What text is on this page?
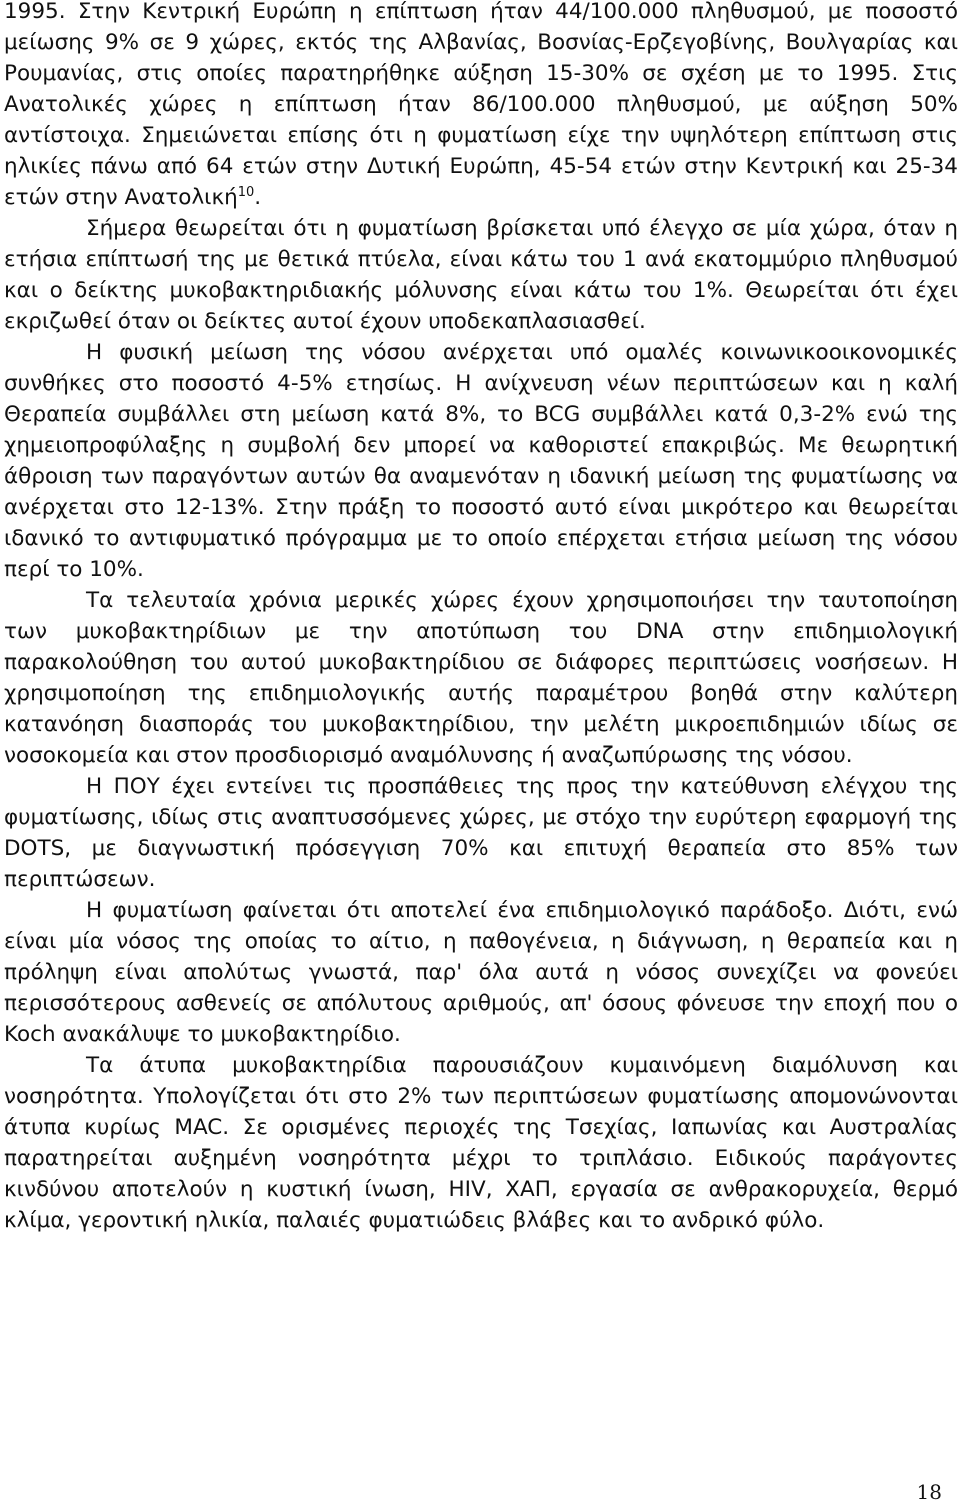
1995. Στην Κεντρική Ευρώπη η επίπτωση ήταν 44/100.000 πληθυσμού, με ποσοστό μείωσης 9% σε 9 χώρες, εκτός της Αλβανίας, Βοσνίας-Ερζεγοβίνης, Βουλγαρίας και Ρουμανίας, στις οποίες παρατηρήθηκε αύξηση 15-30% σε σχέση με το 1995. Στις Ανατολικές χώρες η επίπτωση ήταν 86/100.000 πληθυσμού, με αύξηση 50% αντίστοιχα. Σημειώνεται επίσης ότι η φυματίωση είχε την υψηλότερη επίπτωση στις ηλικίες πάνω από 64 ετών στην Δυτική Ευρώπη, 45-54 ετών στην Κεντρική και 25-34 ετών στην Ανατολική$^{10}$.

Σήμερα θεωρείται ότι η φυματίωση βρίσκεται υπό έλεγχο σε μία χώρα, όταν η ετήσια επίπτωσή της με θετικά πτύελα, είναι κάτω του 1 ανά εκατομμύριο πληθυσμού και ο δείκτης μυκοβακτηριδιακής μόλυνσης είναι κάτω του 1%. Θεωρείται ότι έχει εκριζωθεί όταν οι δείκτες αυτοί έχουν υποδεκαπλασιασθεί.

Η φυσική μείωση της νόσου ανέρχεται υπό ομαλές κοινωνικοοικονομικές συνθήκες στο ποσοστό 4-5% ετησίως. Η ανίχνευση νέων περιπτώσεων και η καλή Θεραπεία συμβάλλει στη μείωση κατά 8%, το BCG συμβάλλει κατά 0,3-2% ενώ της χημειοπροφύλαξης η συμβολή δεν μπορεί να καθοριστεί επακριβώς. Με θεωρητική άθροιση των παραγόντων αυτών θα αναμενόταν η ιδανική μείωση της φυματίωσης να ανέρχεται στο 12-13%. Στην πράξη το ποσοστό αυτό είναι μικρότερο και θεωρείται ιδανικό το αντιφυματικό πρόγραμμα με το οποίο επέρχεται ετήσια μείωση της νόσου περί το 10%.

Τα τελευταία χρόνια μερικές χώρες έχουν χρησιμοποιήσει την ταυτοποίηση των μυκοβακτηρίδιων με την αποτύπωση του DNA στην επιδημιολογική παρακολούθηση του αυτού μυκοβακτηρίδιου σε διάφορες περιπτώσεις νοσήσεων. Η χρησιμοποίηση της επιδημιολογικής αυτής παραμέτρου βοηθά στην καλύτερη κατανόηση διασποράς του μυκοβακτηρίδιου, την μελέτη μικροεπιδημιών ιδίως σε νοσοκομεία και στον προσδιορισμό αναμόλυνσης ή αναζωπύρωσης της νόσου.

Η ΠΟΥ έχει εντείνει τις προσπάθειες της προς την κατεύθυνση ελέγχου της φυματίωσης, ιδίως στις αναπτυσσόμενες χώρες, με στόχο την ευρύτερη εφαρμογή της DOTS, με διαγνωστική πρόσεγγιση 70% και επιτυχή θεραπεία στο 85% των περιπτώσεων.

Η φυματίωση φαίνεται ότι αποτελεί ένα επιδημιολογικό παράδοξο. Διότι, ενώ είναι μία νόσος της οποίας το αίτιο, η παθογένεια, η διάγνωση, η θεραπεία και η πρόληψη είναι απολύτως γνωστά, παρ' όλα αυτά η νόσος συνεχίζει να φονεύει περισσότερους ασθενείς σε απόλυτους αριθμούς, απ' όσους φόνευσε την εποχή που ο Koch ανακάλυψε το μυκοβακτηρίδιο.

Τα άτυπα μυκοβακτηρίδια παρουσιάζουν κυμαινόμενη διαμόλυνση και νοσηρότητα. Υπολογίζεται ότι στο 2% των περιπτώσεων φυματίωσης απομονώνονται άτυπα κυρίως MAC. Σε ορισμένες περιοχές της Τσεχίας, Ιαπωνίας και Αυστραλίας παρατηρείται αυξημένη νοσηρότητα μέχρι το τριπλάσιο. Ειδικούς παράγοντες κινδύνου αποτελούν η κυστική ίνωση, HIV, ΧΑΠ, εργασία σε ανθρακορυχεία, θερμό κλίμα, γεροντική ηλικία, παλαιές φυματιώδεις βλάβες και το ανδρικό φύλο.

18
